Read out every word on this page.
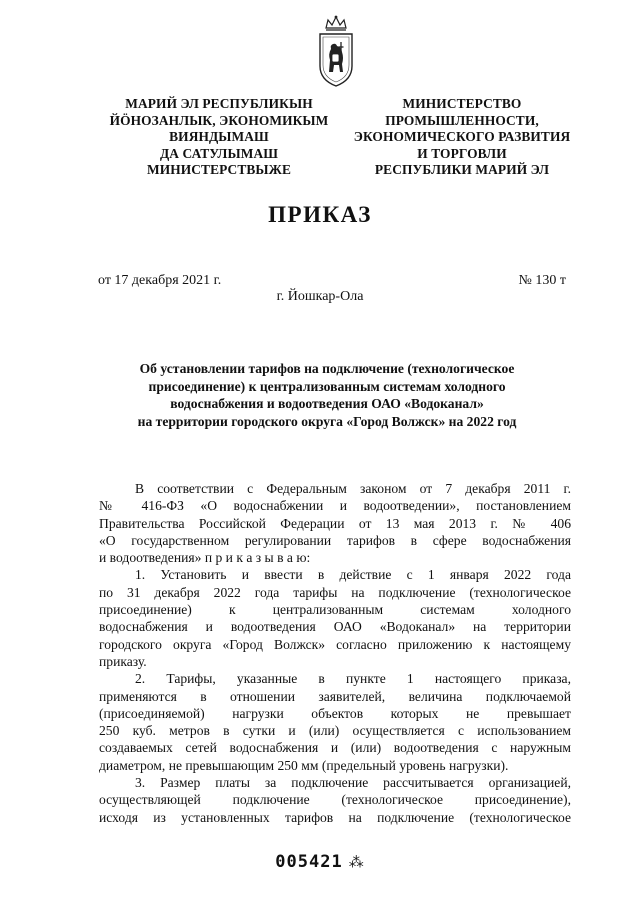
МАРИЙ ЭЛ РЕСПУБЛИКЫН
ЙӦНОЗАНЛЫК, ЭКОНОМИКЫМ
ВИЯНДЫМАШ
ДА САТУЛЫМАШ
МИНИСТЕРСТВЫЖЕ
МИНИСТЕРСТВО
ПРОМЫШЛЕННОСТИ,
ЭКОНОМИЧЕСКОГО РАЗВИТИЯ
И ТОРГОВЛИ
РЕСПУБЛИКИ МАРИЙ ЭЛ
ПРИКАЗ
от 17 декабря 2021 г.	№ 130 т
г. Йошкар-Ола
Об установлении тарифов на подключение (технологическое
присоединение) к централизованным системам холодного
водоснабжения и водоотведения ОАО «Водоканал»
на территории городского округа «Город Волжск» на 2022 год
В соответствии с Федеральным законом от 7 декабря 2011 г.
№ 416-ФЗ «О водоснабжении и водоотведении», постановлением
Правительства Российской Федерации от 13 мая 2013 г. № 406
«О государственном регулировании тарифов в сфере водоснабжения
и водоотведения» п р и к а з ы в а ю:
1. Установить и ввести в действие с 1 января 2022 года
по 31 декабря 2022 года тарифы на подключение (технологическое
присоединение) к централизованным системам холодного
водоснабжения и водоотведения ОАО «Водоканал» на территории
городского округа «Город Волжск» согласно приложению к настоящему
приказу.
2. Тарифы, указанные в пункте 1 настоящего приказа,
применяются в отношении заявителей, величина подключаемой
(присоединяемой) нагрузки объектов которых не превышает
250 куб. метров в сутки и (или) осуществляется с использованием
создаваемых сетей водоснабжения и (или) водоотведения с наружным
диаметром, не превышающим 250 мм (предельный уровень нагрузки).
3. Размер платы за подключение рассчитывается организацией,
осуществляющей подключение (технологическое присоединение),
исходя из установленных тарифов на подключение (технологическое
005421 ⁂
